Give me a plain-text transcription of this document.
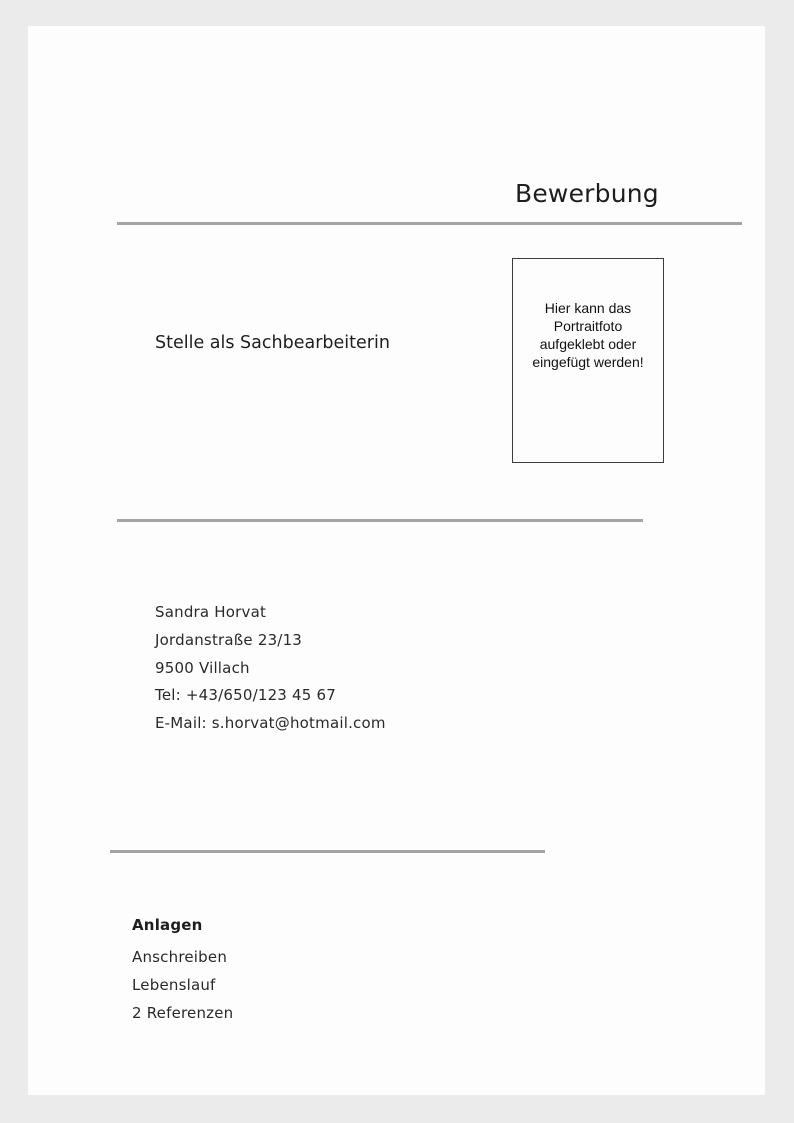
Bewerbung
Stelle als Sachbearbeiterin
Hier kann das
Portraitfoto
aufgeklebt oder
eingefügt werden!
Sandra Horvat
Jordanstraße 23/13
9500 Villach
Tel: +43/650/123 45 67
E-Mail: s.horvat@hotmail.com
Anlagen
Anschreiben
Lebenslauf
2 Referenzen
